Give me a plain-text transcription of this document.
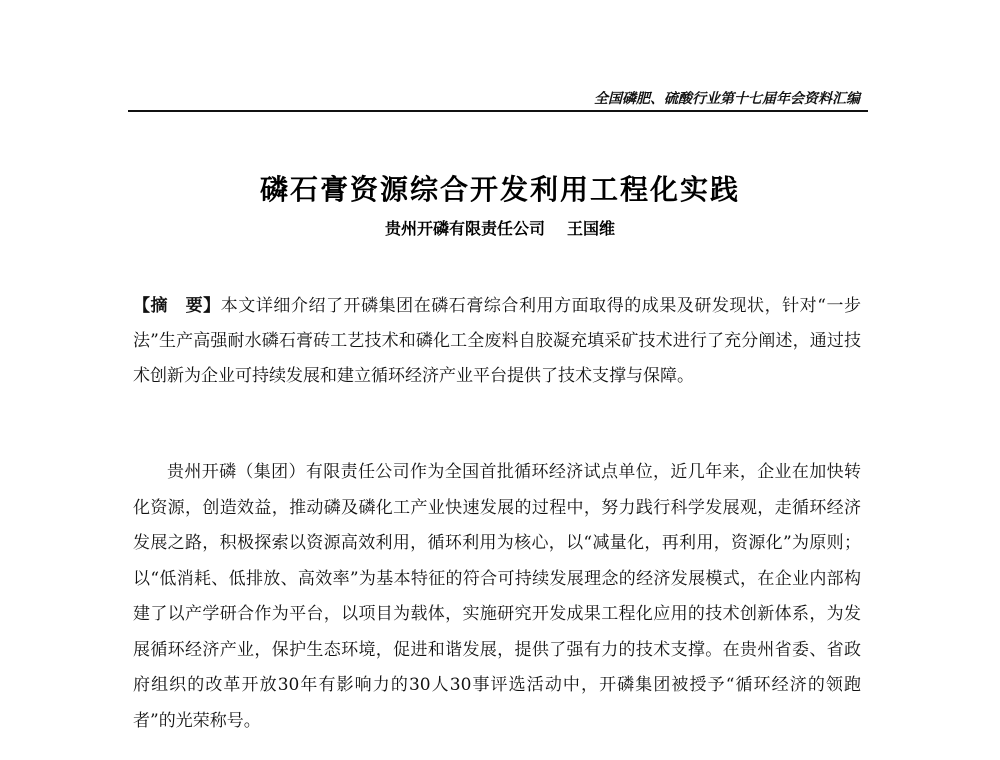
全国磷肥、硫酸行业第十七届年会资料汇编
磷石膏资源综合开发利用工程化实践
贵州开磷有限责任公司 王国维
【摘　要】本文详细介绍了开磷集团在磷石膏综合利用方面取得的成果及研发现状，针对“一步法”生产高强耐水磷石膏砖工艺技术和磷化工全废料自胶凝充填采矿技术进行了充分阐述，通过技术创新为企业可持续发展和建立循环经济产业平台提供了技术支撑与保障。
贵州开磷（集团）有限责任公司作为全国首批循环经济试点单位，近几年来，企业在加快转化资源，创造效益，推动磷及磷化工产业快速发展的过程中，努力践行科学发展观，走循环经济发展之路，积极探索以资源高效利用，循环利用为核心，以“减量化，再利用，资源化”为原则；以“低消耗、低排放、高效率”为基本特征的符合可持续发展理念的经济发展模式，在企业内部构建了以产学研合作为平台，以项目为载体，实施研究开发成果工程化应用的技术创新体系，为发展循环经济产业，保护生态环境，促进和谐发展，提供了强有力的技术支撑。在贵州省委、省政府组织的改革开放30年有影响力的30人30事评选活动中，开磷集团被授予“循环经济的领跑者”的光荣称号。
